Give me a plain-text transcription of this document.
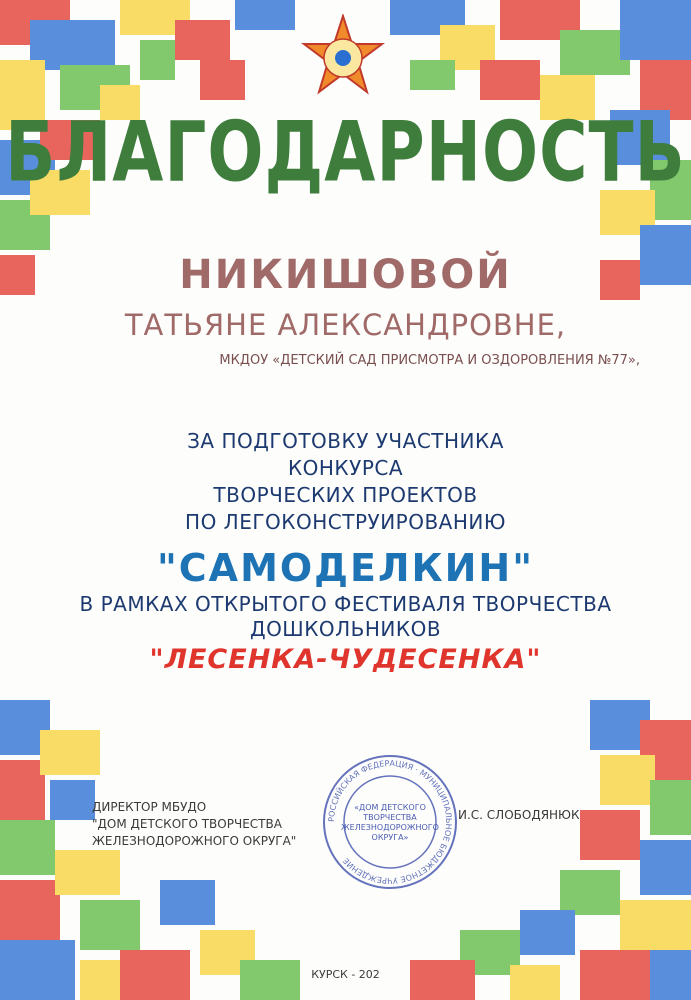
БЛАГОДАРНОСТЬ
НИКИШОВОЙ
ТАТЬЯНЕ АЛЕКСАНДРОВНЕ,
МКДОУ «ДЕТСКИЙ САД ПРИСМОТРА И ОЗДОРОВЛЕНИЯ №77»,
ЗА ПОДГОТОВКУ УЧАСТНИКА
КОНКУРСА
ТВОРЧЕСКИХ ПРОЕКТОВ
ПО ЛЕГОКОНСТРУИРОВАНИЮ
"САМОДЕЛКИН"
В РАМКАХ ОТКРЫТОГО ФЕСТИВАЛЯ ТВОРЧЕСТВА
ДОШКОЛЬНИКОВ
"ЛЕСЕНКА-ЧУДЕСЕНКА"
ДИРЕКТОР МБУДО
"ДОМ ДЕТСКОГО ТВОРЧЕСТВА
ЖЕЛЕЗНОДОРОЖНОГО ОКРУГА"
РОССИЙСКАЯ ФЕДЕРАЦИЯ · МУНИЦИПАЛЬНОЕ БЮДЖЕТНОЕ УЧРЕЖДЕНИЕ
«ДОМ ДЕТСКОГО
ТВОРЧЕСТВА
ЖЕЛЕЗНОДОРОЖНОГО
ОКРУГА»
И.С. СЛОБОДЯНЮК
КУРСК - 202
